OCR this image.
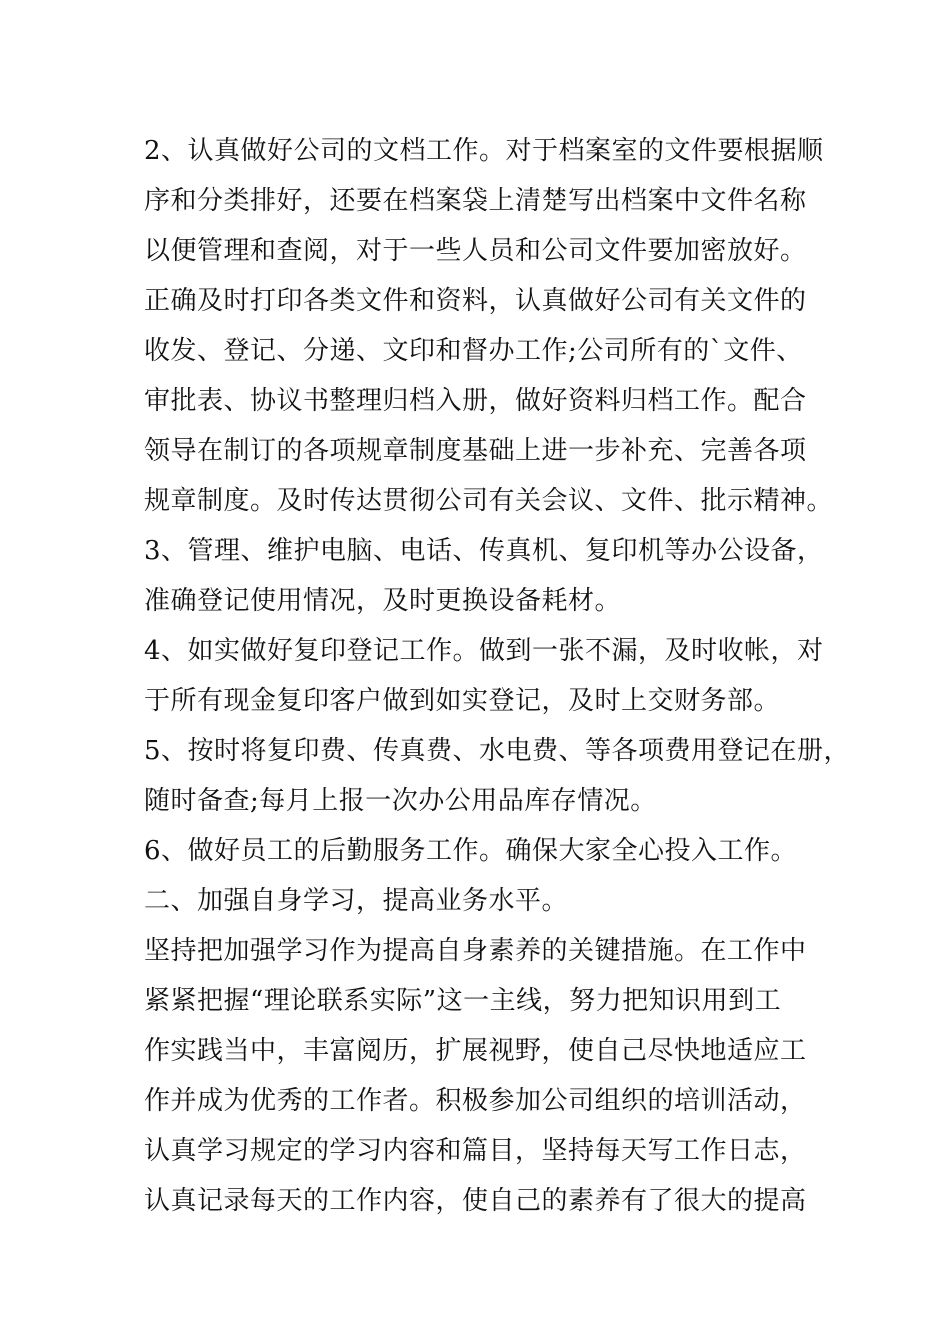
2、认真做好公司的文档工作。对于档案室的文件要根据顺
序和分类排好，还要在档案袋上清楚写出档案中文件名称
以便管理和查阅，对于一些人员和公司文件要加密放好。
正确及时打印各类文件和资料，认真做好公司有关文件的
收发、登记、分递、文印和督办工作;公司所有的`文件、
审批表、协议书整理归档入册，做好资料归档工作。配合
领导在制订的各项规章制度基础上进一步补充、完善各项
规章制度。及时传达贯彻公司有关会议、文件、批示精神。
3、管理、维护电脑、电话、传真机、复印机等办公设备，
准确登记使用情况，及时更换设备耗材。
4、如实做好复印登记工作。做到一张不漏，及时收帐，对
于所有现金复印客户做到如实登记，及时上交财务部。
5、按时将复印费、传真费、水电费、等各项费用登记在册，
随时备查;每月上报一次办公用品库存情况。
6、做好员工的后勤服务工作。确保大家全心投入工作。
二、加强自身学习，提高业务水平。
坚持把加强学习作为提高自身素养的关键措施。在工作中
紧紧把握“理论联系实际”这一主线，努力把知识用到工
作实践当中，丰富阅历，扩展视野，使自己尽快地适应工
作并成为优秀的工作者。积极参加公司组织的培训活动，
认真学习规定的学习内容和篇目，坚持每天写工作日志，
认真记录每天的工作内容，使自己的素养有了很大的提高
